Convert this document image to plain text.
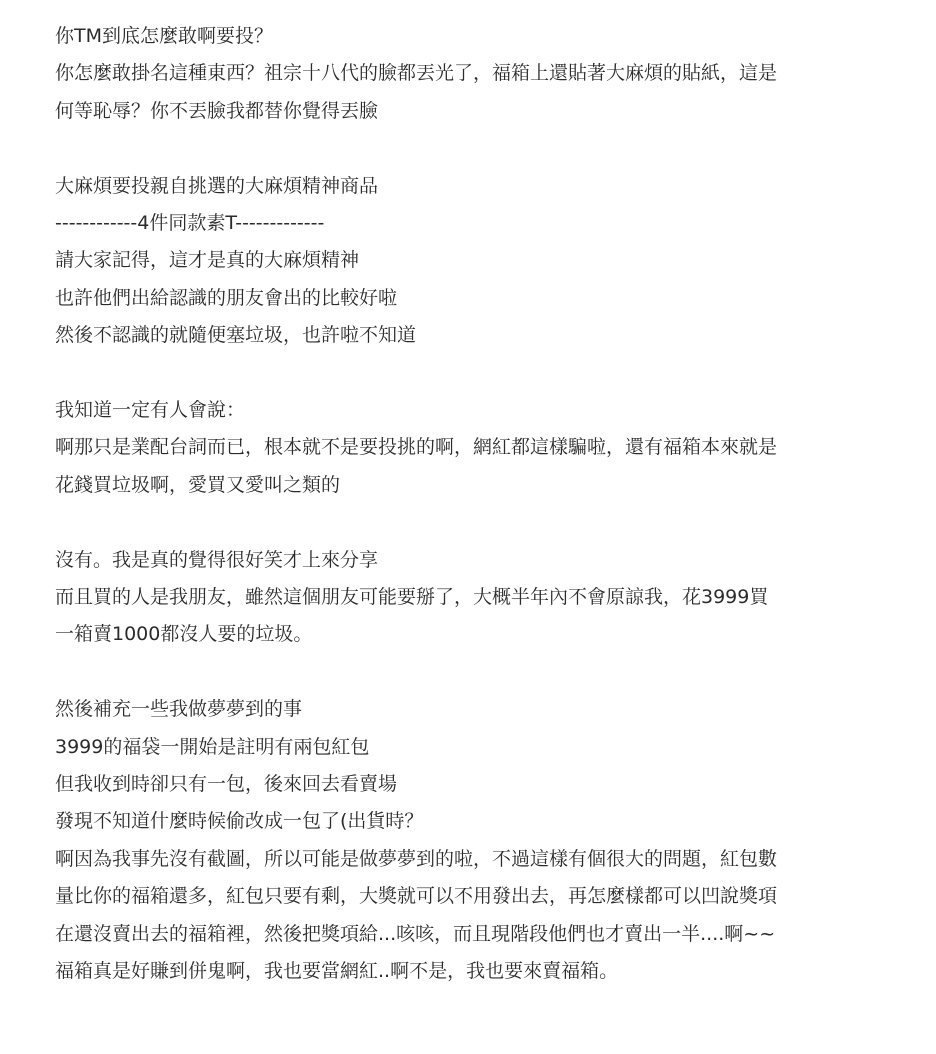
你TM到底怎麼敢啊要投？
你怎麼敢掛名這種東西？祖宗十八代的臉都丟光了，福箱上還貼著大麻煩的貼紙，這是
何等恥辱？你不丟臉我都替你覺得丟臉
大麻煩要投親自挑選的大麻煩精神商品
------------4件同款素T-------------
請大家記得，這才是真的大麻煩精神
也許他們出給認識的朋友會出的比較好啦
然後不認識的就隨便塞垃圾，也許啦不知道
我知道一定有人會說：
啊那只是業配台詞而已，根本就不是要投挑的啊，網紅都這樣騙啦，還有福箱本來就是
花錢買垃圾啊，愛買又愛叫之類的
沒有。我是真的覺得很好笑才上來分享
而且買的人是我朋友，雖然這個朋友可能要掰了，大概半年內不會原諒我，花3999買
一箱賣1000都沒人要的垃圾。
然後補充一些我做夢夢到的事
3999的福袋一開始是註明有兩包紅包
但我收到時卻只有一包，後來回去看賣場
發現不知道什麼時候偷改成一包了(出貨時？
啊因為我事先沒有截圖，所以可能是做夢夢到的啦，不過這樣有個很大的問題，紅包數
量比你的福箱還多，紅包只要有剩，大獎就可以不用發出去，再怎麼樣都可以凹說獎項
在還沒賣出去的福箱裡，然後把獎項給...咳咳，而且現階段他們也才賣出一半....啊~~
福箱真是好賺到併鬼啊，我也要當網紅..啊不是，我也要來賣福箱。
